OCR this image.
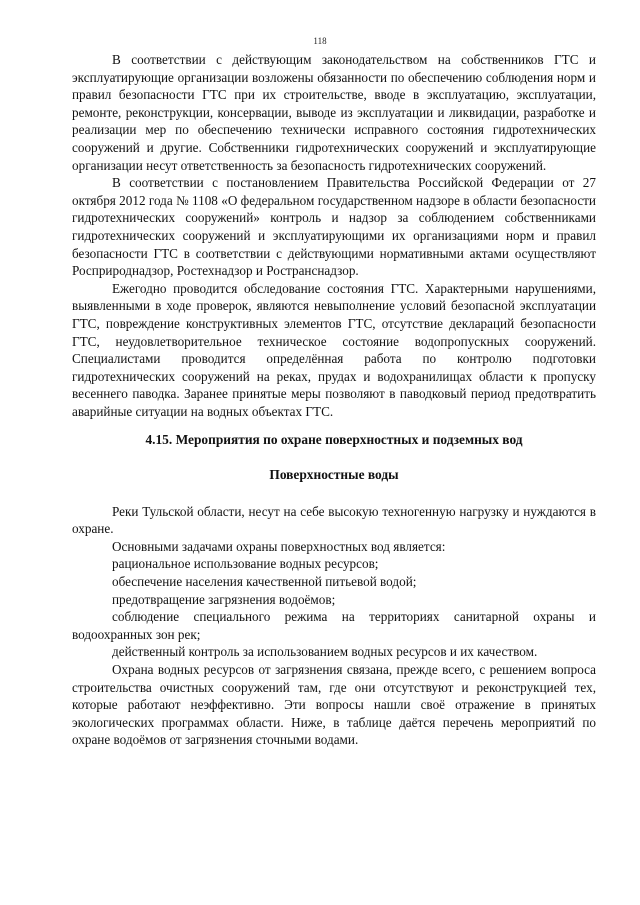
118

В соответствии с действующим законодательством на собственников ГТС и эксплуатирующие организации возложены обязанности по обеспечению соблюдения норм и правил безопасности ГТС при их строительстве, вводе в эксплуатацию, эксплуатации, ремонте, реконструкции, консервации, выводе из эксплуатации и ликвидации, разработке и реализации мер по обеспечению технически исправного состояния гидротехнических сооружений и другие. Собственники гидротехнических сооружений и эксплуатирующие организации несут ответственность за безопасность гидротехнических сооружений.

В соответствии с постановлением Правительства Российской Федерации от 27 октября 2012 года № 1108 «О федеральном государственном надзоре в области безопасности гидротехнических сооружений» контроль и надзор за соблюдением собственниками гидротехнических сооружений и эксплуатирующими их организациями норм и правил безопасности ГТС в соответствии с действующими нормативными актами осуществляют Росприроднадзор, Ростехнадзор и Ространснадзор.

Ежегодно проводится обследование состояния ГТС. Характерными нарушениями, выявленными в ходе проверок, являются невыполнение условий безопасной эксплуатации ГТС, повреждение конструктивных элементов ГТС, отсутствие деклараций безопасности ГТС, неудовлетворительное техническое состояние водопропускных сооружений. Специалистами проводится определённая работа по контролю подготовки гидротехнических сооружений на реках, прудах и водохранилищах области к пропуску весеннего паводка. Заранее принятые меры позволяют в паводковый период предотвратить аварийные ситуации на водных объектах ГТС.

4.15. Мероприятия по охране поверхностных и подземных вод
Поверхностные воды

Реки Тульской области, несут на себе высокую техногенную нагрузку и нуждаются в охране.

Основными задачами охраны поверхностных вод является:

рациональное использование водных ресурсов;

обеспечение населения качественной питьевой водой;

предотвращение загрязнения водоёмов;

соблюдение специального режима на территориях санитарной охраны и водоохранных зон рек;

действенный контроль за использованием водных ресурсов и их качеством.

Охрана водных ресурсов от загрязнения связана, прежде всего, с решением вопроса строительства очистных сооружений там, где они отсутствуют и реконструкцией тех, которые работают неэффективно. Эти вопросы нашли своё отражение в принятых экологических программах области. Ниже, в таблице даётся перечень мероприятий по охране водоёмов от загрязнения сточными водами.
